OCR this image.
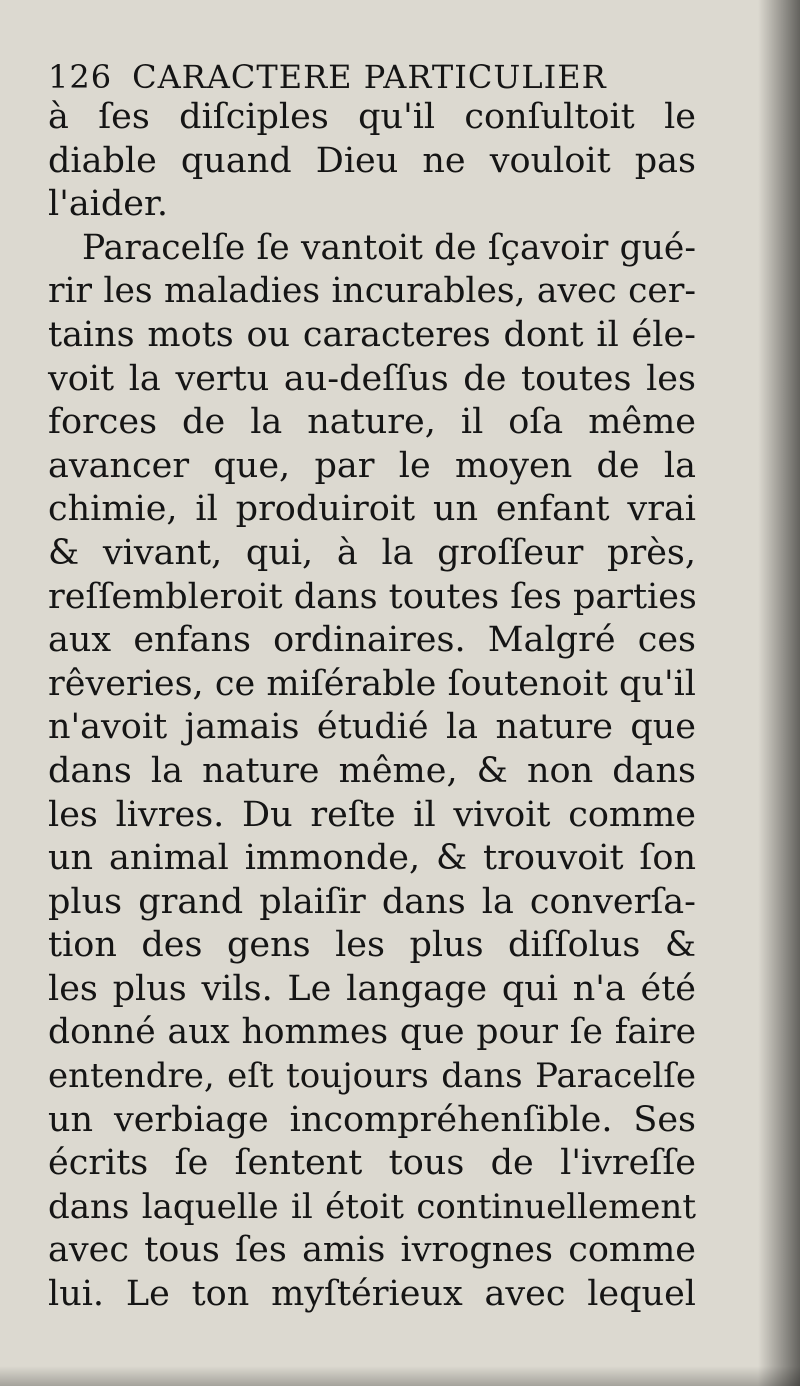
126 CARACTERE PARTICULIER
à ſes diſciples qu'il conſultoit le
diable quand Dieu ne vouloit pas
l'aider.
Paracelſe ſe vantoit de ſçavoir gué-
rir les maladies incurables, avec cer-
tains mots ou caracteres dont il éle-
voit la vertu au-deſſus de toutes les
forces de la nature, il oſa même
avancer que, par le moyen de la
chimie, il produiroit un enfant vrai
& vivant, qui, à la groſſeur près,
reſſembleroit dans toutes ſes parties
aux enfans ordinaires. Malgré ces
rêveries, ce miſérable ſoutenoit qu'il
n'avoit jamais étudié la nature que
dans la nature même, & non dans
les livres. Du reſte il vivoit comme
un animal immonde, & trouvoit ſon
plus grand plaiſir dans la converſa-
tion des gens les plus diſſolus &
les plus vils. Le langage qui n'a été
donné aux hommes que pour ſe faire
entendre, eſt toujours dans Paracelſe
un verbiage incompréhenſible. Ses
écrits ſe ſentent tous de l'ivreſſe
dans laquelle il étoit continuellement
avec tous ſes amis ivrognes comme
lui. Le ton myſtérieux avec lequel
